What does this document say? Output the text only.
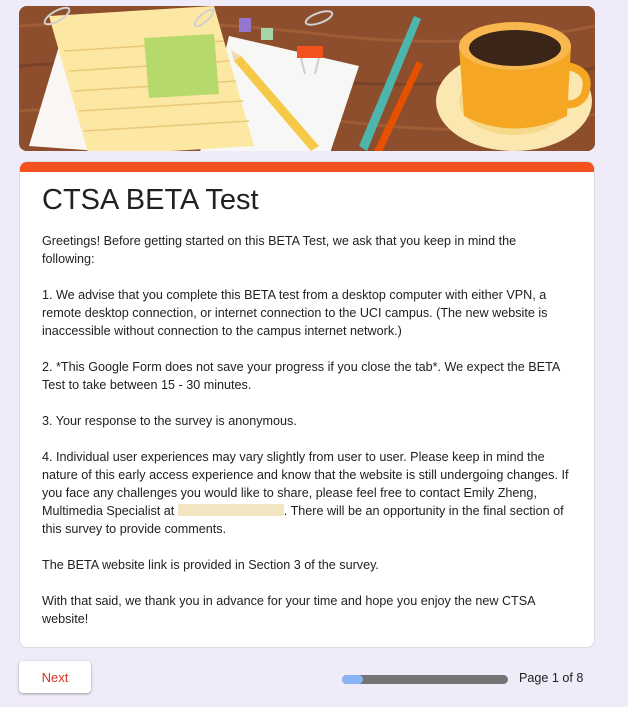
CTSA BETA Test

Greetings! Before getting started on this BETA Test, we ask that you keep in mind the following:

1. We advise that you complete this BETA test from a desktop computer with either VPN, a remote desktop connection, or internet connection to the UCI campus. (The new website is inaccessible without connection to the campus internet network.)

2. *This Google Form does not save your progress if you close the tab*. We expect the BETA Test to take between 15 - 30 minutes.

3. Your response to the survey is anonymous.

4. Individual user experiences may vary slightly from user to user. Please keep in mind the nature of this early access experience and know that the website is still undergoing changes. If you face any challenges you would like to share, please feel free to contact Emily Zheng, Multimedia Specialist at	. There will be an opportunity in the final section of this survey to provide comments.

The BETA website link is provided in Section 3 of the survey.

With that said, we thank you in advance for your time and hope you enjoy the new CTSA website!

Next	Page 1 of 8
